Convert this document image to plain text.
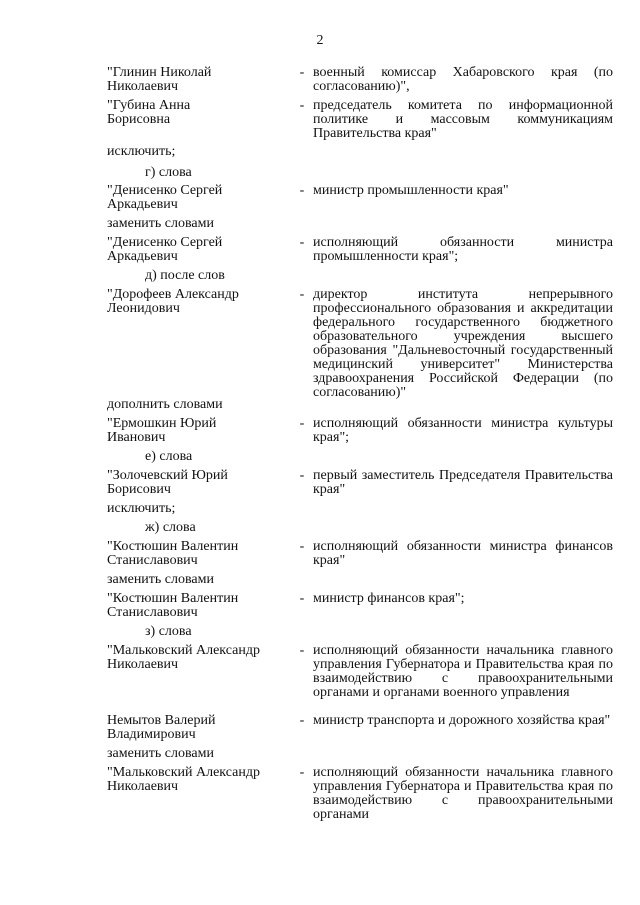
2
"Глинин Николай
Николаевич
- военный комиссар Хабаровского края (по согласованию)",
"Губина Анна
Борисовна
- председатель комитета по информационной политике и массовым коммуникациям Правительства края"
исключить;
г) слова
"Денисенко Сергей
Аркадьевич
- министр промышленности края"
заменить словами
"Денисенко Сергей
Аркадьевич
- исполняющий обязанности министра промышленности края";
д) после слов
"Дорофеев Александр
Леонидович
- директор института непрерывного профессионального образования и аккредитации федерального государственного бюджетного образовательного учреждения высшего образования "Дальневосточный государственный медицинский университет" Министерства здравоохранения Российской Федерации (по согласованию)"
дополнить словами
"Ермошкин Юрий
Иванович
- исполняющий обязанности министра культуры края";
е) слова
"Золочевский Юрий
Борисович
- первый заместитель Председателя Правительства края"
исключить;
ж) слова
"Костюшин Валентин
Станиславович
- исполняющий обязанности министра финансов края"
заменить словами
"Костюшин Валентин
Станиславович
- министр финансов края";
з) слова
"Мальковский Александр
Николаевич
- исполняющий обязанности начальника главного управления Губернатора и Правительства края по взаимодействию с правоохранительными органами и органами военного управления
Немытов Валерий
Владимирович
- министр транспорта и дорожного хозяйства края"
заменить словами
"Мальковский Александр
Николаевич
- исполняющий обязанности начальника главного управления Губернатора и Правительства края по взаимодействию с правоохранительными органами
